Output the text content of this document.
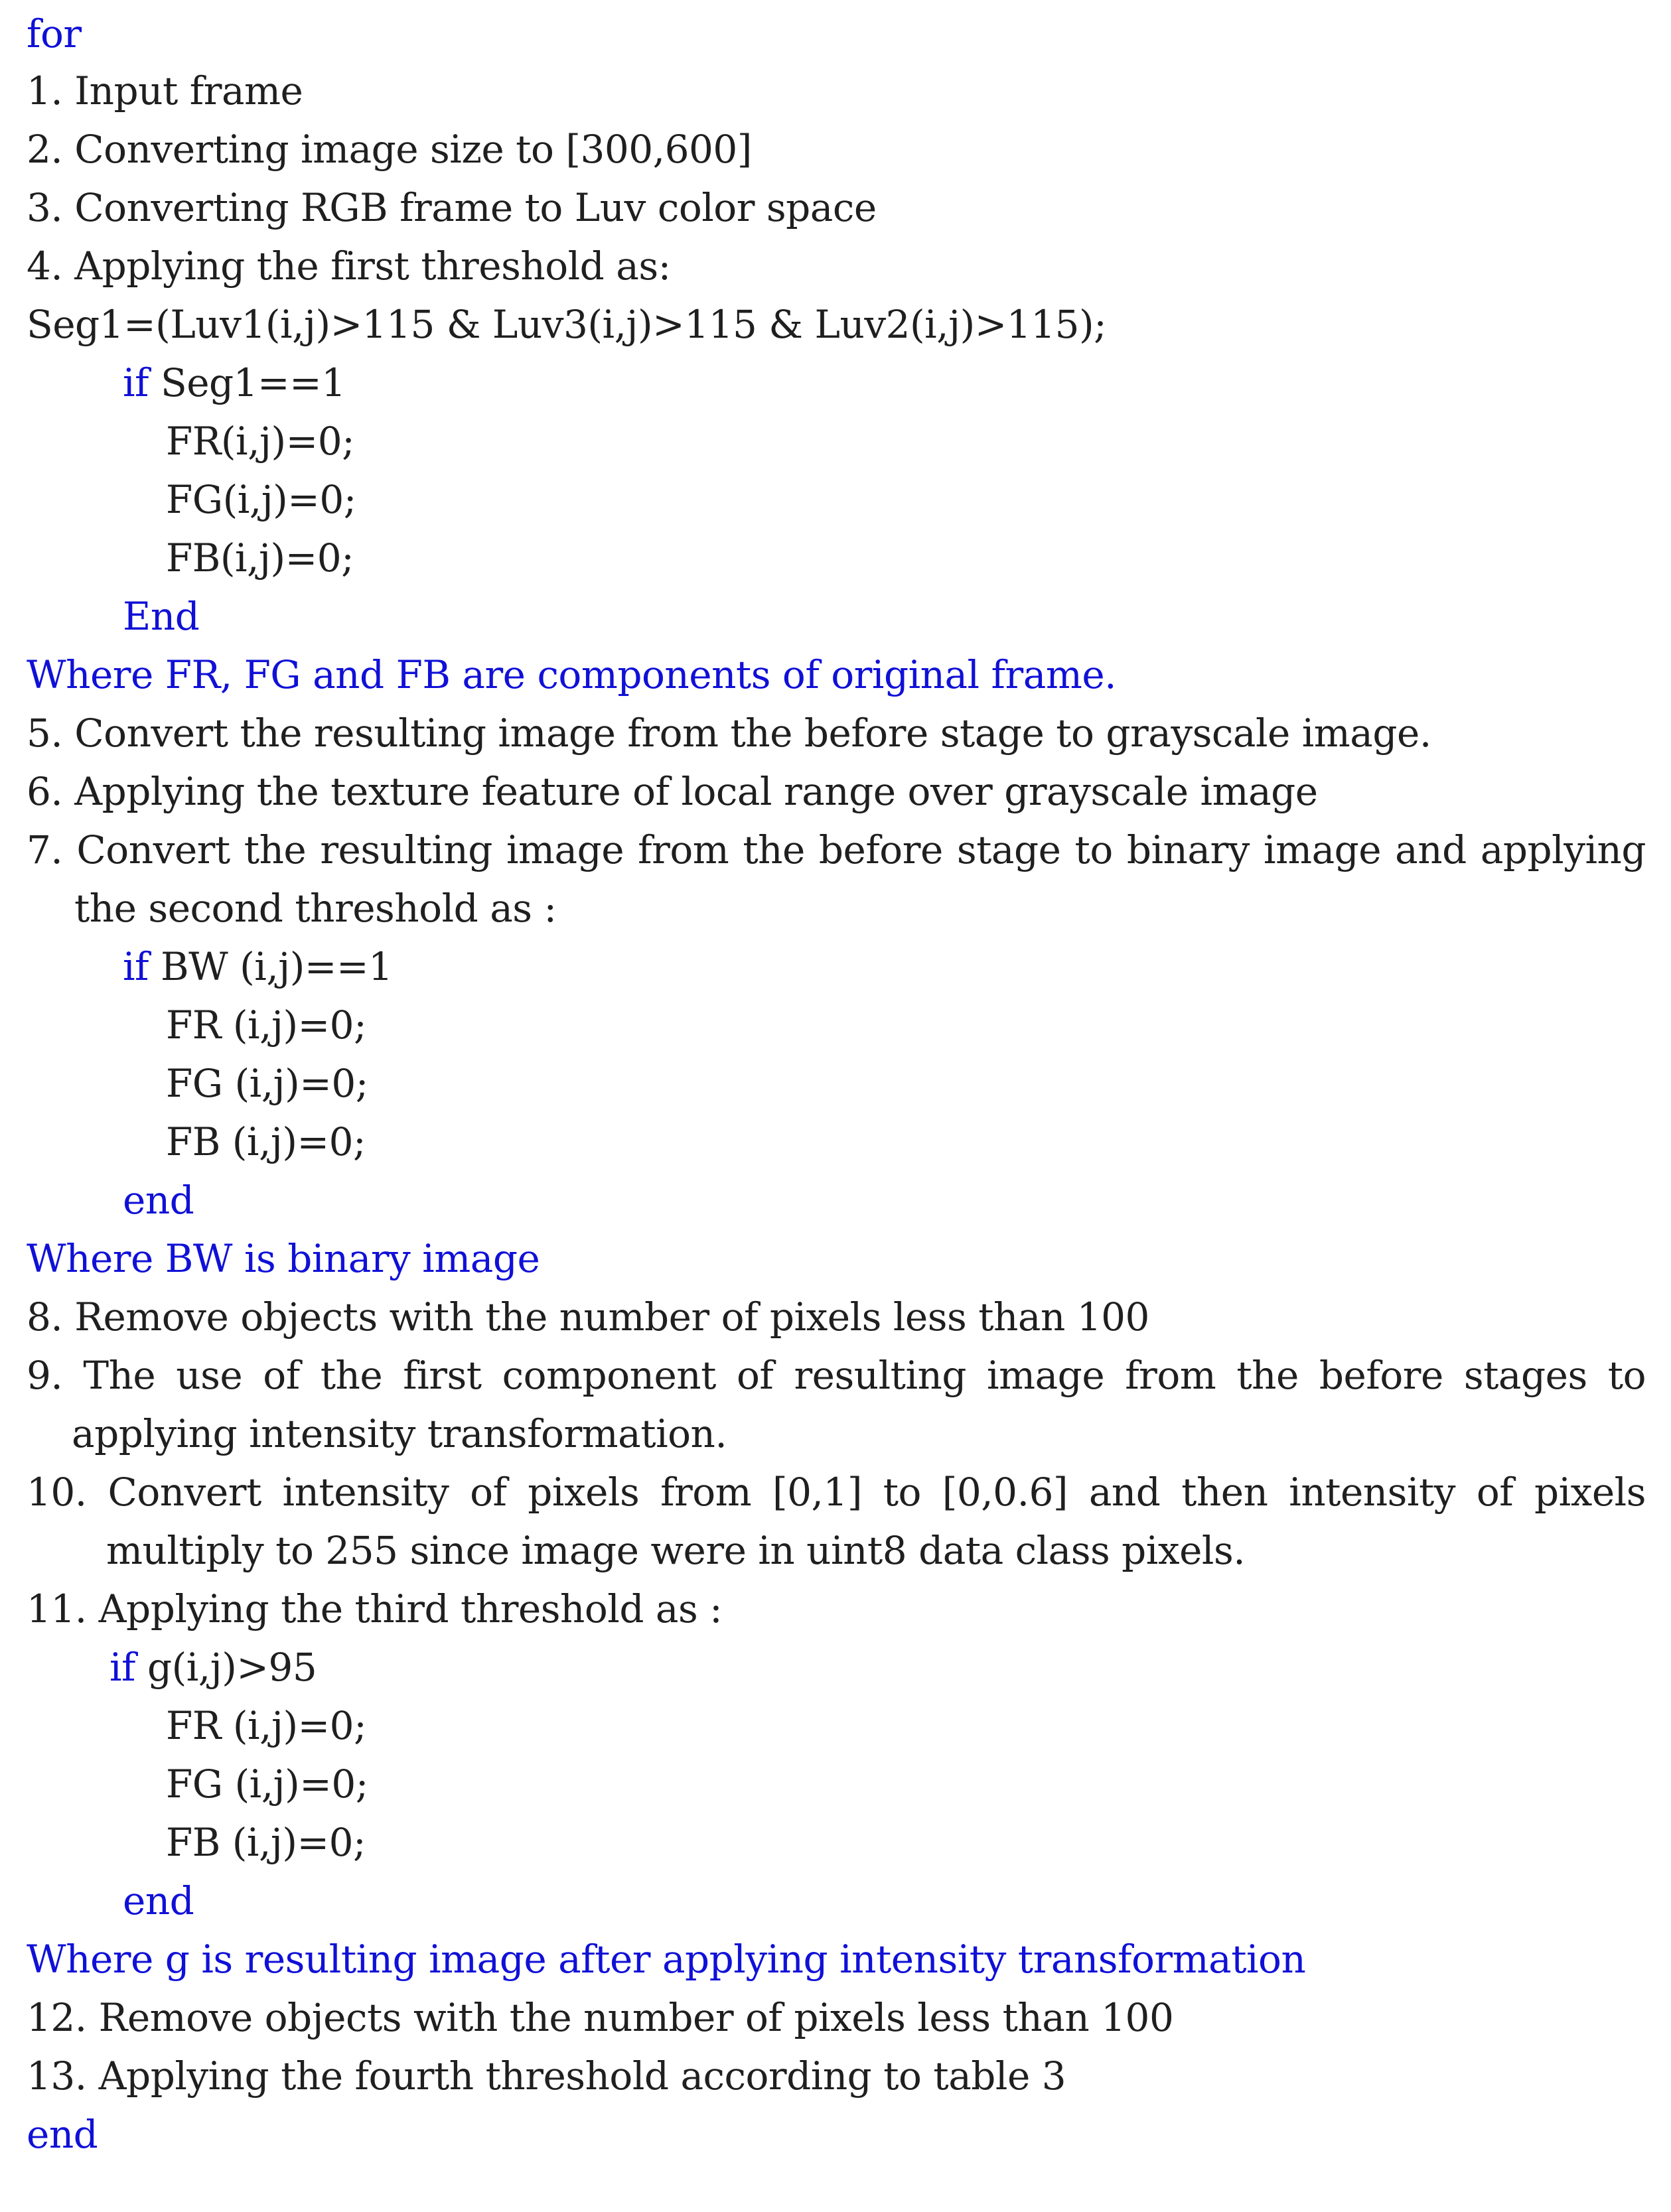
for
1. Input frame
2. Converting image size to [300,600]
3. Converting RGB frame to Luv color space
4. Applying the first threshold as:
Seg1=(Luv1(i,j)>115 & Luv3(i,j)>115 & Luv2(i,j)>115);
if Seg1==1
FR(i,j)=0;
FG(i,j)=0;
FB(i,j)=0;
End
Where FR, FG and FB are components of original frame.
5. Convert the resulting image from the before stage to grayscale image.
6. Applying the texture feature of local range over grayscale image
7. Convert the resulting image from the before stage to binary image and applying
the second threshold as :
if BW (i,j)==1
FR (i,j)=0;
FG (i,j)=0;
FB (i,j)=0;
end
Where BW is binary image
8. Remove objects with the number of pixels less than 100
9. The use of the first component of resulting image from the before stages to
applying intensity transformation.
10. Convert intensity of pixels from [0,1] to [0,0.6] and then intensity of pixels
multiply to 255 since image were in uint8 data class pixels.
11. Applying the third threshold as :
if g(i,j)>95
FR (i,j)=0;
FG (i,j)=0;
FB (i,j)=0;
end
Where g is resulting image after applying intensity transformation
12. Remove objects with the number of pixels less than 100
13. Applying the fourth threshold according to table 3
end
